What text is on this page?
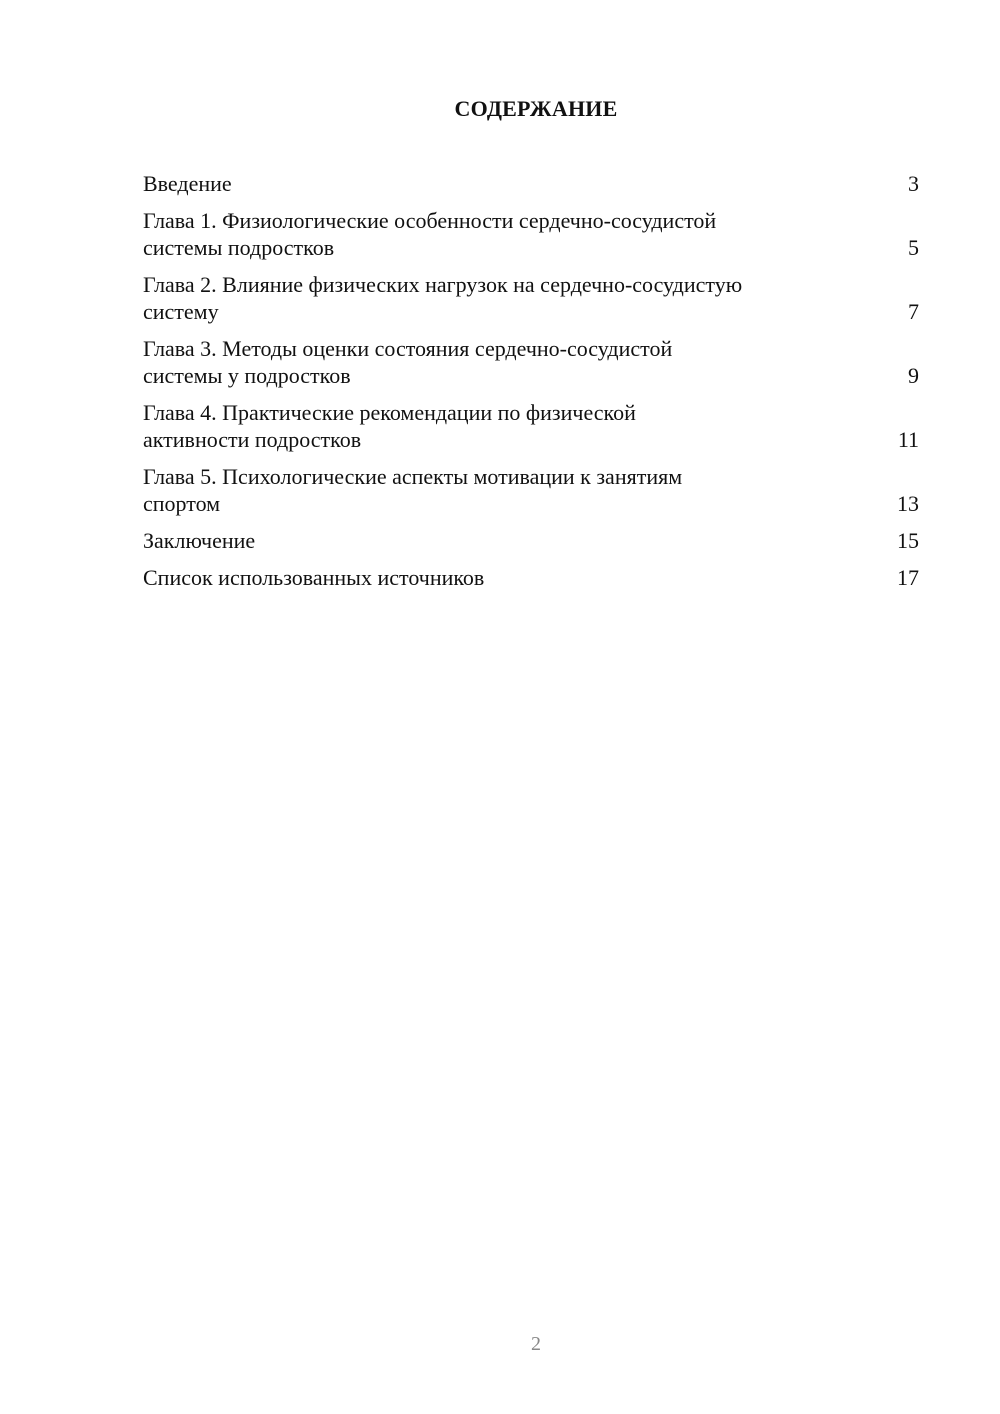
СОДЕРЖАНИЕ
Введение	3
Глава 1. Физиологические особенности сердечно-сосудистой
системы подростков	5
Глава 2. Влияние физических нагрузок на сердечно-сосудистую
систему	7
Глава 3. Методы оценки состояния сердечно-сосудистой
системы у подростков	9
Глава 4. Практические рекомендации по физической
активности подростков	11
Глава 5. Психологические аспекты мотивации к занятиям
спортом	13
Заключение	15
Список использованных источников	17
2
